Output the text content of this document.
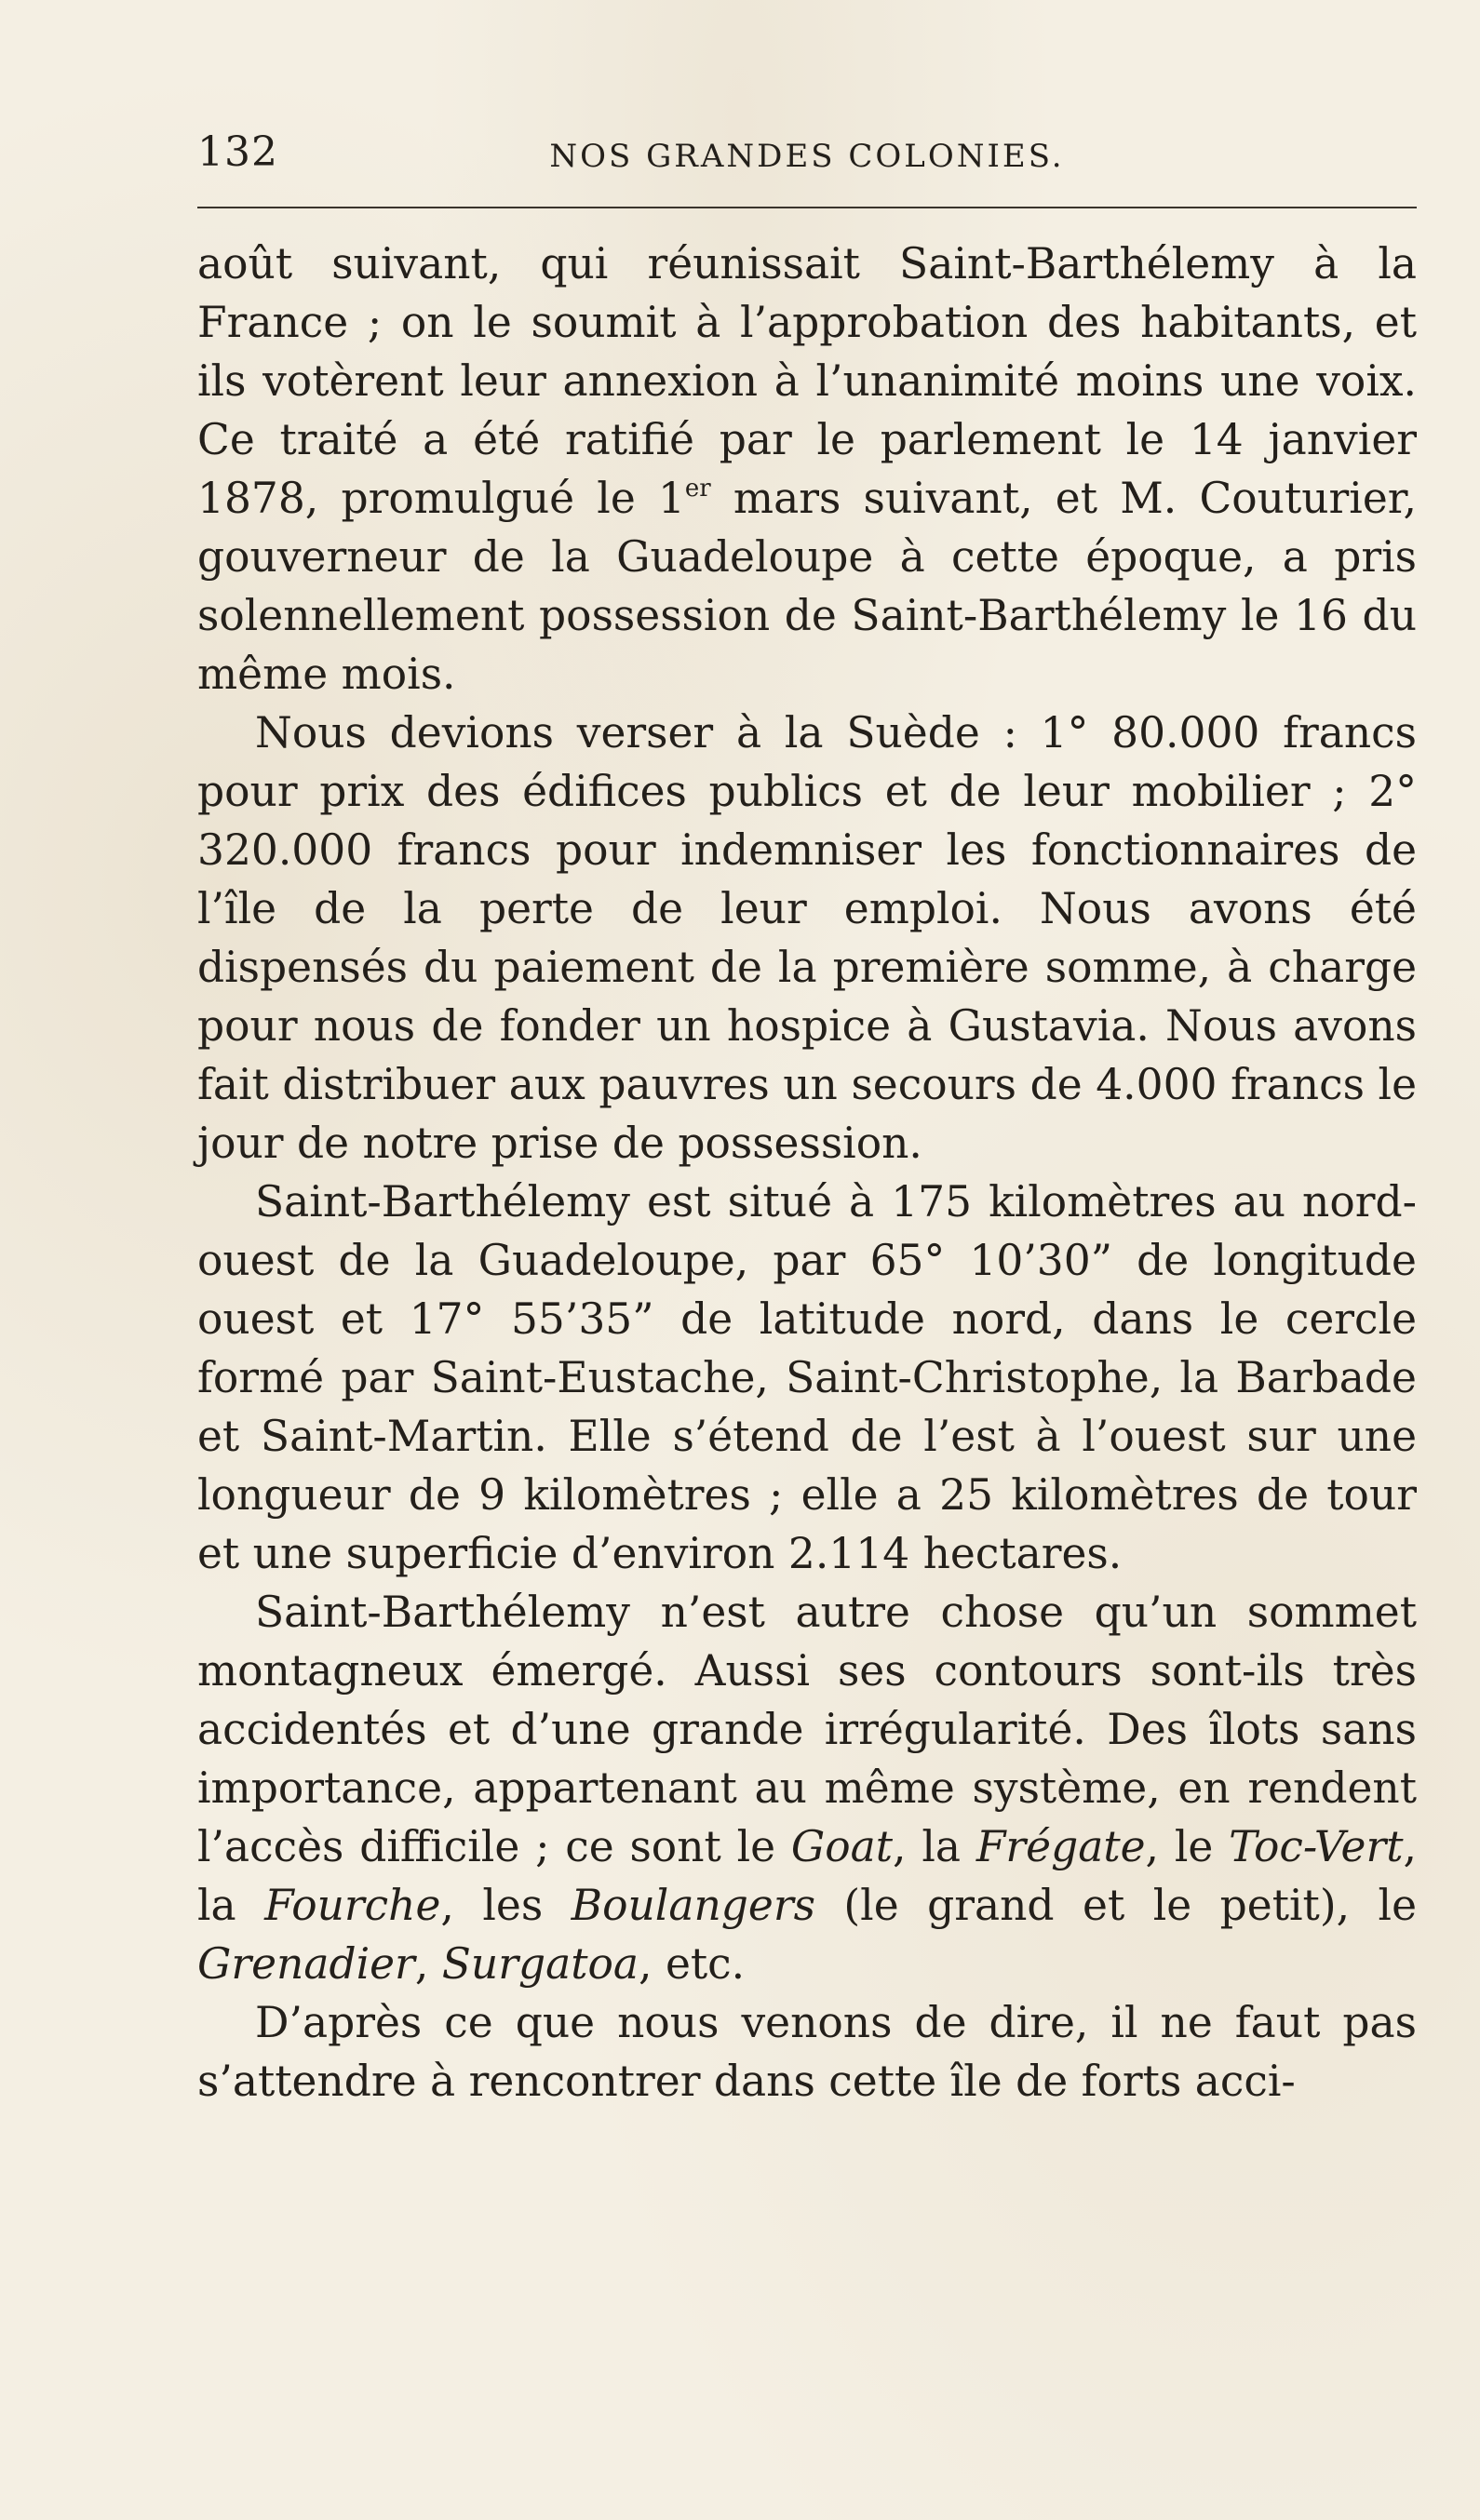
132	NOS GRANDES COLONIES.

août suivant, qui réunissait Saint-Barthélemy à la France ; on le soumit à l’approbation des habitants, et ils votèrent leur annexion à l’unanimité moins une voix. Ce traité a été ratifié par le parlement le 14 janvier 1878, promulgué le 1er mars suivant, et M. Couturier, gouverneur de la Guadeloupe à cette époque, a pris solennellement possession de Saint-Barthélemy le 16 du même mois.

Nous devions verser à la Suède : 1° 80.000 francs pour prix des édifices publics et de leur mobilier ; 2° 320.000 francs pour indemniser les fonctionnaires de l’île de la perte de leur emploi. Nous avons été dispensés du paiement de la première somme, à charge pour nous de fonder un hospice à Gustavia. Nous avons fait distribuer aux pauvres un secours de 4.000 francs le jour de notre prise de possession.

Saint-Barthélemy est situé à 175 kilomètres au nord-ouest de la Guadeloupe, par 65° 10’30” de longitude ouest et 17° 55’35” de latitude nord, dans le cercle formé par Saint-Eustache, Saint-Christophe, la Barbade et Saint-Martin. Elle s’étend de l’est à l’ouest sur une longueur de 9 kilomètres ; elle a 25 kilomètres de tour et une superficie d’environ 2.114 hectares.

Saint-Barthélemy n’est autre chose qu’un sommet montagneux émergé. Aussi ses contours sont-ils très accidentés et d’une grande irrégularité. Des îlots sans importance, appartenant au même système, en rendent l’accès difficile ; ce sont le Goat, la Frégate, le Toc-Vert, la Fourche, les Boulangers (le grand et le petit), le Grenadier, Surgatoa, etc.

D’après ce que nous venons de dire, il ne faut pas s’attendre à rencontrer dans cette île de forts acci-
